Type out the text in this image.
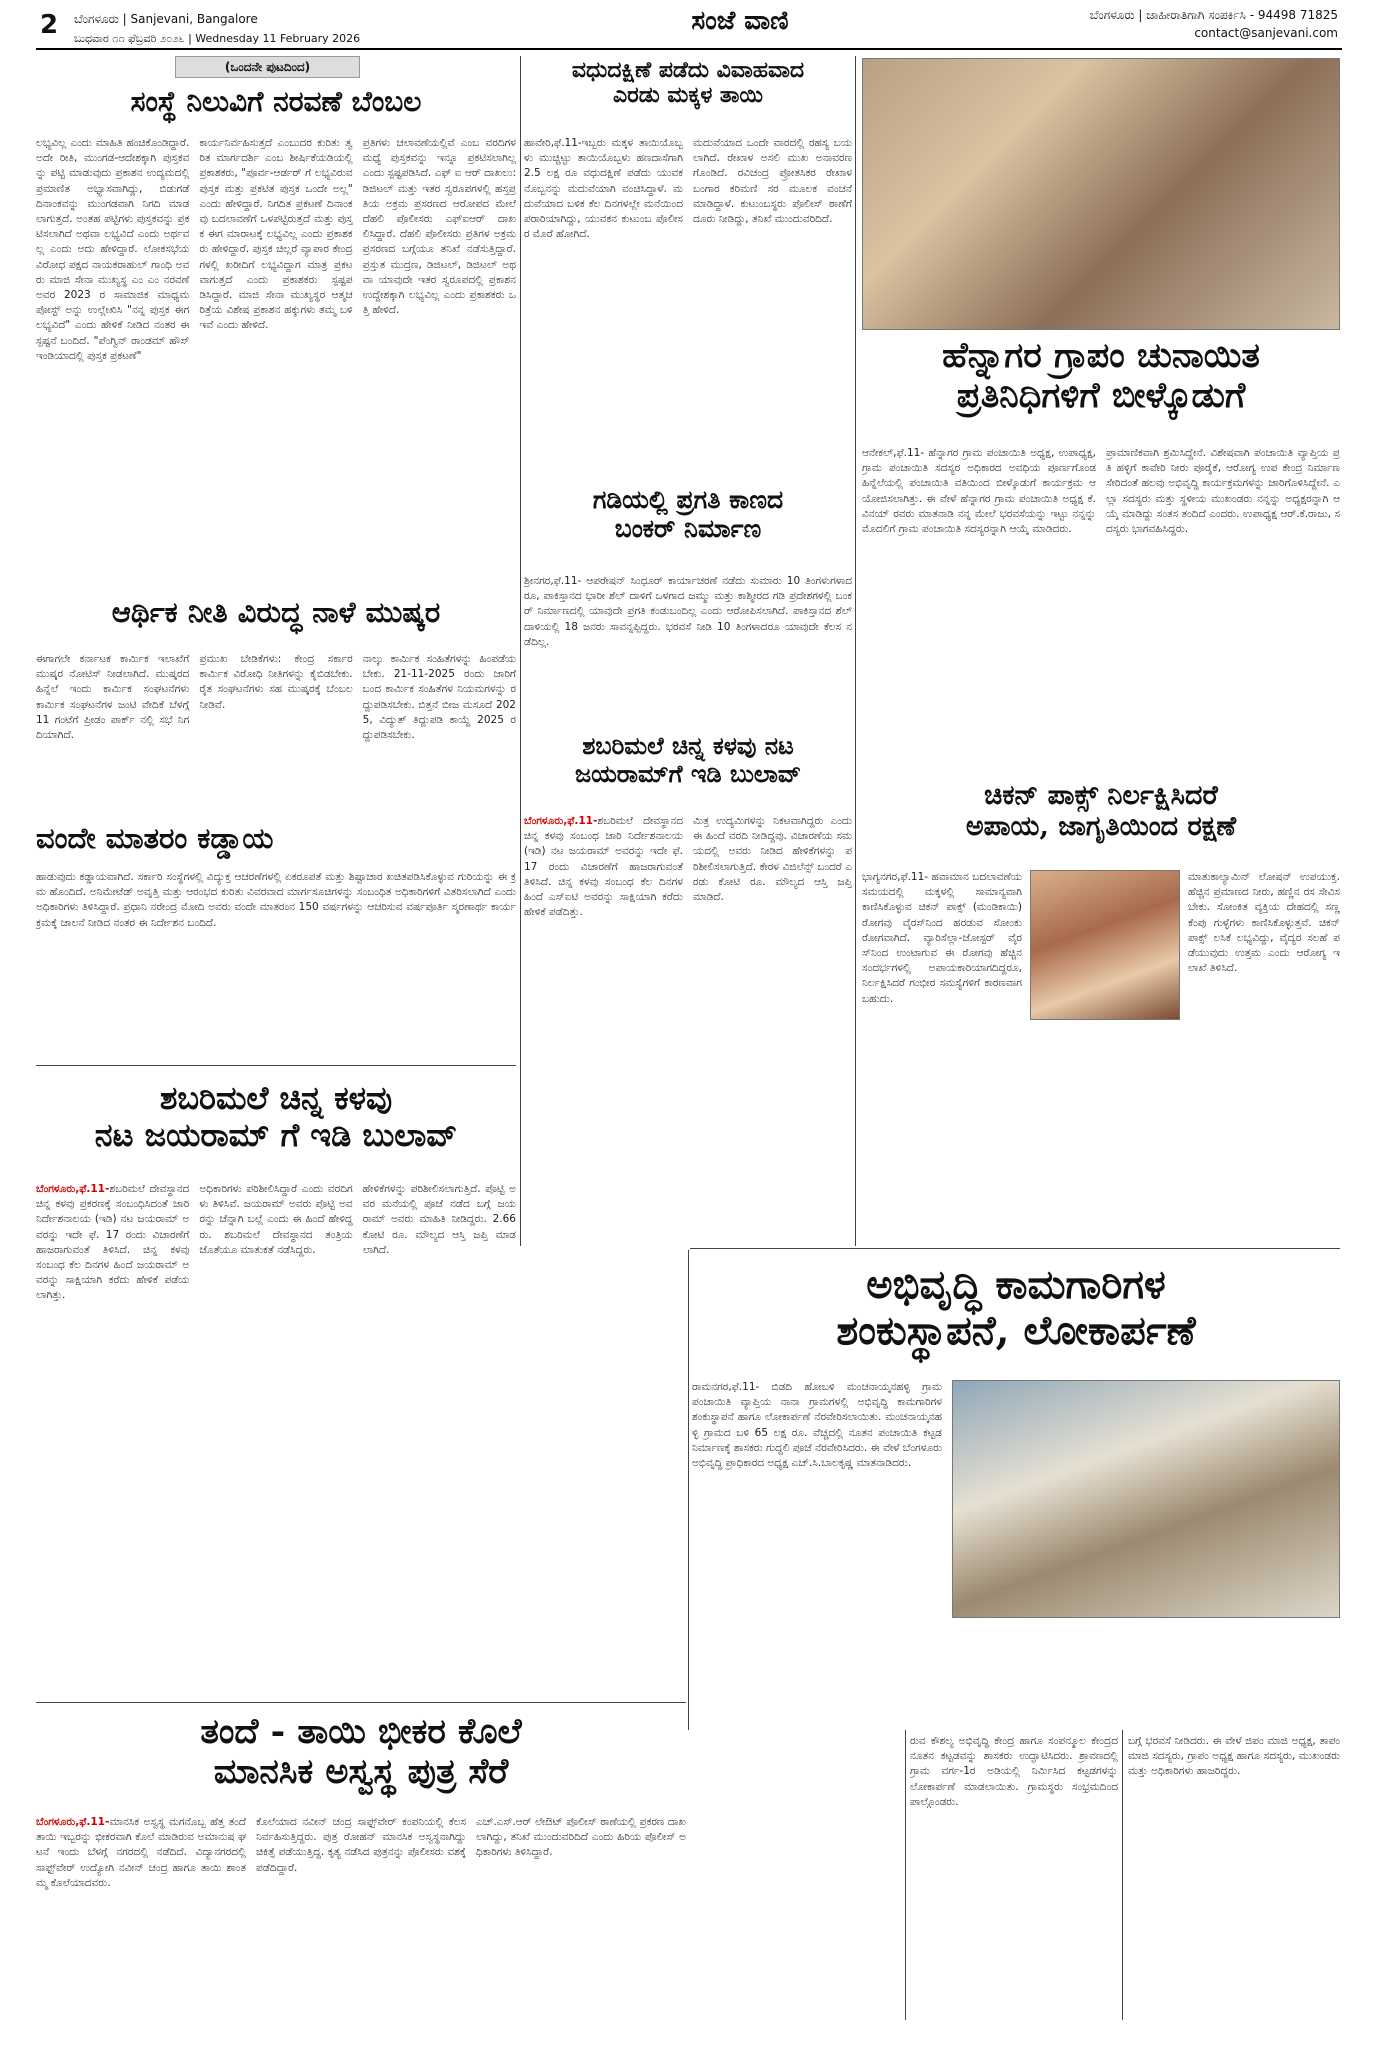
2 ಬೆಂಗಳೂರು | Sanjevani, Bangalore
ಬುಧವಾರ ೧೧ ಫೆಬ್ರವರಿ ೨೦೨೬ | Wednesday 11 February 2026
ಸಂಜೆ ವಾಣಿ	ಬೆಂಗಳೂರು | ಜಾಹೀರಾತಿಗಾಗಿ ಸಂಪರ್ಕಿಸಿ - 94498 71825
contact@sanjevani.com
(ಒಂದನೇ ಪುಟದಿಂದ)
ಸಂಸ್ಥೆ ನಿಲುವಿಗೆ ನರವಣೆ ಬೆಂಬಲ
ಲಭ್ಯವಿಲ್ಲ ಎಂದು ಮಾಹಿತಿ ಹಂಚಿಕೊಂಡಿದ್ದಾರೆ. ಅದೇ ರೀತಿ, ಮುಂಗಡ-ಆದೇಶಕ್ಕಾಗಿ ಪುಸ್ತಕವನ್ನು ಪಟ್ಟಿ ಮಾಡುವುದು ಪ್ರಕಾಶನ ಉದ್ಯಮದಲ್ಲಿ ಪ್ರಮಾಣಿತ ಅಭ್ಯಾಸವಾಗಿದ್ದು, ಬಿಡುಗಡೆ ದಿನಾಂಕವನ್ನು ಮುಂಗಡವಾಗಿ ನಿಗದಿ ಮಾಡಲಾಗುತ್ತದೆ. ಅಂತಹ ಪಟ್ಟಿಗಳು ಪುಸ್ತಕವನ್ನು ಪ್ರಕಟಿಸಲಾಗಿದೆ ಅಥವಾ ಲಭ್ಯವಿದೆ ಎಂದು ಅರ್ಥವಲ್ಲ ಎಂದು ಅದು ಹೇಳಿದ್ದಾರೆ. ಲೋಕಸಭೆಯ ವಿರೋಧ ಪಕ್ಷದ ನಾಯಕರಾಹುಲ್ ಗಾಂಧಿ ಅವರು ಮಾಜಿ ಸೇನಾ ಮುಖ್ಯಸ್ಥ ಎಂ ಎಂ ನರವಣೆ ಅವರ 2023 ರ ಸಾಮಾಜಿಕ ಮಾಧ್ಯಮ ಪೋಸ್ಟ್ ಅನ್ನು ಉಲ್ಲೇಖಿಸಿ "ನನ್ನ ಪುಸ್ತಕ ಈಗ ಲಭ್ಯವಿದೆ" ಎಂದು ಹೇಳಿಕೆ ನೀಡಿದ ನಂತರ ಈ ಸ್ಪಷ್ಟನೆ ಬಂದಿದೆ. "ಪೆಂಗ್ವಿನ್ ರಾಂಡಮ್ ಹೌಸ್ ಇಂಡಿಯಾದಲ್ಲಿ ಪುಸ್ತಕ ಪ್ರಕಟಣೆ"
ಕಾರ್ಯನಿರ್ವಹಿಸುತ್ತದೆ ಎಂಬುದರ ಕುರಿತು ತ್ವರಿತ ಮಾರ್ಗದರ್ಶಿ ಎಂಬ ಶೀರ್ಷಿಕೆಯಡಿಯಲ್ಲಿ ಪ್ರಕಾಶಕರು, "ಪೂರ್ವ-ಆರ್ಡರ್ ಗೆ ಲಭ್ಯವಿರುವ ಪುಸ್ತಕ ಮತ್ತು ಪ್ರಕಟಿತ ಪುಸ್ತಕ ಒಂದೇ ಅಲ್ಲ" ಎಂದು ಹೇಳಿದ್ದಾರೆ. ನಿಗದಿತ ಪ್ರಕಟಣೆ ದಿನಾಂಕವು ಬದಲಾವಣೆಗೆ ಒಳಪಟ್ಟಿರುತ್ತದೆ ಮತ್ತು ಪುಸ್ತಕ ಈಗ ಮಾರಾಟಕ್ಕೆ ಲಭ್ಯವಿಲ್ಲ ಎಂದು ಪ್ರಕಾಶಕರು ಹೇಳಿದ್ದಾರೆ. ಪುಸ್ತಕ ಚಿಲ್ಲರೆ ವ್ಯಾಪಾರ ಕೇಂದ್ರಗಳಲ್ಲಿ ಖರೀದಿಗೆ ಲಭ್ಯವಿದ್ದಾಗ ಮಾತ್ರ ಪ್ರಕಟವಾಗುತ್ತದೆ ಎಂದು ಪ್ರಕಾಶಕರು ಸ್ಪಷ್ಟಪಡಿಸಿದ್ದಾರೆ. ಮಾಜಿ ಸೇನಾ ಮುಖ್ಯಸ್ಥರ ಆತ್ಮಚರಿತ್ರೆಯ ವಿಶೇಷ ಪ್ರಕಾಶನ ಹಕ್ಕುಗಳು ತಮ್ಮ ಬಳಿ ಇವೆ ಎಂದು ಹೇಳಿದೆ.
ಪ್ರತಿಗಳು ಚಲಾವಣೆಯಲ್ಲಿವೆ ಎಂಬ ವರದಿಗಳ ಮಧ್ಯೆ ಪುಸ್ತಕವನ್ನು ಇನ್ನೂ ಪ್ರಕಟಿಸಲಾಗಿಲ್ಲ ಎಂದು ಸ್ಪಷ್ಟಪಡಿಸಿದೆ. ಎಫ್ ಐ ಆರ್ ದಾಖಲು: ಡಿಜಿಟಲ್ ಮತ್ತು ಇತರ ಸ್ವರೂಪಗಳಲ್ಲಿ ಹಸ್ತಪ್ರತಿಯ ಅಕ್ರಮ ಪ್ರಸರಣದ ಆರೋಪದ ಮೇಲೆ ದೆಹಲಿ ಪೊಲೀಸರು ಎಫ್‌ಐಆರ್ ದಾಖಲಿಸಿದ್ದಾರೆ. ದೆಹಲಿ ಪೊಲೀಸರು ಪ್ರತಿಗಳ ಅಕ್ರಮ ಪ್ರಸರಣದ ಬಗ್ಗೆಯೂ ತನಿಖೆ ನಡೆಸುತ್ತಿದ್ದಾರೆ. ಪ್ರಸ್ತುತ ಮುದ್ರಣ, ಡಿಜಿಟಲ್, ಡಿಜಿಟಲ್ ಅಥವಾ ಯಾವುದೇ ಇತರ ಸ್ವರೂಪದಲ್ಲಿ ಪ್ರಕಾಶನ ಉದ್ದೇಶಕ್ಕಾಗಿ ಲಭ್ಯವಿಲ್ಲ ಎಂದು ಪ್ರಕಾಶಕರು ಒತ್ತಿ ಹೇಳಿದೆ.
ಆರ್ಥಿಕ ನೀತಿ ವಿರುದ್ಧ ನಾಳೆ ಮುಷ್ಕರ
ಈಗಾಗಲೇ ಕರ್ನಾಟಕ ಕಾರ್ಮಿಕ ಇಲಾಖೆಗೆ ಮುಷ್ಕರ ನೋಟಿಸ್ ನೀಡಲಾಗಿದೆ. ಮುಷ್ಕರದ ಹಿನ್ನೆಲೆ ಇಂದು ಕಾರ್ಮಿಕ ಸಂಘಟನೆಗಳು ಕಾರ್ಮಿಕ ಸಂಘಟನೆಗಳ ಜಂಟಿ ವೇದಿಕೆ ಬೆಳಗ್ಗೆ 11 ಗಂಟೆಗೆ ಪ್ರೀಡಂ ಪಾರ್ಕ್ ನಲ್ಲಿ ಸಭೆ ನಿಗದಿಯಾಗಿದೆ.
ಪ್ರಮುಖ ಬೇಡಿಕೆಗಳು: ಕೇಂದ್ರ ಸರ್ಕಾರ ಕಾರ್ಮಿಕ ವಿರೋಧಿ ನೀತಿಗಳನ್ನು ಕೈಬಿಡಬೇಕು. ರೈತ ಸಂಘಟನೆಗಳು ಸಹ ಮುಷ್ಕರಕ್ಕೆ ಬೆಂಬಲ ನೀಡಿವೆ.
ನಾಲ್ಕು ಕಾರ್ಮಿಕ ಸಂಹಿತೆಗಳನ್ನು ಹಿಂಪಡೆಯಬೇಕು. 21-11-2025 ರಂದು ಜಾರಿಗೆ ಬಂದ ಕಾರ್ಮಿಕ ಸಂಹಿತೆಗಳ ನಿಯಮಗಳನ್ನು ರದ್ದುಪಡಿಸಬೇಕು. ಬಿತ್ತನೆ ಬೀಜ ಮಸೂದೆ 2025, ವಿದ್ಯುತ್ ತಿದ್ದುಪಡಿ ಕಾಯ್ದೆ 2025 ರದ್ದುಪಡಿಸಬೇಕು.
ವಂದೇ ಮಾತರಂ ಕಡ್ಡಾಯ
ಹಾಡುವುದು ಕಡ್ಡಾಯವಾಗಿದೆ. ಸರ್ಕಾರಿ ಸಂಸ್ಥೆಗಳಲ್ಲಿ ವಿದ್ಯುಕ್ತ ಆಚರಣೆಗಳಲ್ಲಿ ಏಕರೂಪತೆ ಮತ್ತು ಶಿಷ್ಟಾಚಾರ ಖಚಿತಪಡಿಸಿಕೊಳ್ಳುವ ಗುರಿಯನ್ನು ಈ ಕ್ರಮ ಹೊಂದಿದೆ. ಅನಿಮೇಟೆಡ್ ಅವೃತ್ತಿ ಮತ್ತು ಆರಂಭದ ಕುರಿತು ವಿವರವಾದ ಮಾರ್ಗಸೂಚಿಗಳನ್ನು ಸಂಬಂಧಿತ ಅಧಿಕಾರಿಗಳಿಗೆ ವಿತರಿಸಲಾಗಿದೆ ಎಂದು ಅಧಿಕಾರಿಗಳು ತಿಳಿಸಿದ್ದಾರೆ. ಪ್ರಧಾನಿ ನರೇಂದ್ರ ಮೋದಿ ಅವರು ವಂದೇ ಮಾತರಂನ 150 ವರ್ಷಗಳನ್ನು ಆಚರಿಸುವ ವರ್ಷಪೂರ್ತಿ ಸ್ಮರಣಾರ್ಥ ಕಾರ್ಯಕ್ರಮಕ್ಕೆ ಚಾಲನೆ ನೀಡಿದ ನಂತರ ಈ ನಿರ್ದೇಶನ ಬಂದಿದೆ.
ಶಬರಿಮಲೆ ಚಿನ್ನ ಕಳವು
ನಟ ಜಯರಾಮ್ ಗೆ ಇಡಿ ಬುಲಾವ್
ಬೆಂಗಳೂರು,ಫೆ.11-ಶಬರಿಮಲೆ ದೇವಸ್ಥಾನದ ಚಿನ್ನ ಕಳವು ಪ್ರಕರಣಕ್ಕೆ ಸಂಬಂಧಿಸಿದಂತೆ ಜಾರಿ ನಿರ್ದೇಶನಾಲಯ (ಇಡಿ) ನಟ ಜಯರಾಮ್ ಅವರನ್ನು ಇದೇ ಫೆ. 17 ರಂದು ವಿಚಾರಣೆಗೆ ಹಾಜರಾಗುವಂತೆ ತಿಳಿಸಿದೆ. ಚಿನ್ನ ಕಳವು ಸಂಬಂಧ ಕೆಲ ದಿನಗಳ ಹಿಂದೆ ಜಯರಾಮ್ ಅವರನ್ನು ಸಾಕ್ಷಿಯಾಗಿ ಕರೆದು ಹೇಳಿಕೆ ಪಡೆಯಲಾಗಿತ್ತು.
ಅಧಿಕಾರಿಗಳು ಪರಿಶೀಲಿಸಿದ್ದಾರೆ ಎಂದು ವರದಿಗಳು ತಿಳಿಸಿವೆ. ಜಯರಾಮ್ ಅವರು ಪೊಟ್ಟಿ ಅವರನ್ನು ಚೆನ್ನಾಗಿ ಬಲ್ಲೆ ಎಂದು ಈ ಹಿಂದೆ ಹೇಳಿದ್ದರು. ಶಬರಿಮಲೆ ದೇವಸ್ಥಾನದ ತಂತ್ರಿಯ ಜೊತೆಯೂ ಮಾತುಕತೆ ನಡೆಸಿದ್ದರು.
ಹೇಳಿಕೆಗಳನ್ನು ಪರಿಶೀಲಿಸಲಾಗುತ್ತಿದೆ. ಪೊಟ್ಟಿ ಅವರ ಮನೆಯಲ್ಲಿ ಪೂಜೆ ನಡೆದ ಬಗ್ಗೆ ಜಯರಾಮ್ ಅವರು ಮಾಹಿತಿ ನೀಡಿದ್ದರು. 2.66 ಕೋಟಿ ರೂ. ಮೌಲ್ಯದ ಆಸ್ತಿ ಜಪ್ತಿ ಮಾಡಲಾಗಿದೆ.
ವಧುದಕ್ಷಿಣೆ ಪಡೆದು ವಿವಾಹವಾದ
ಎರಡು ಮಕ್ಕಳ ತಾಯಿ
ಹಾವೇರಿ,ಫೆ.11-ಇಬ್ಬರು ಮಕ್ಕಳ ತಾಯಿಯೊಬ್ಬಳು ಮುಚ್ಚಿಟ್ಟು ತಾಯಿಯೊಬ್ಬಳು ಹಣದಾಸೆಗಾಗಿ 2.5 ಲಕ್ಷ ರೂ ವಧುದಕ್ಷಿಣೆ ಪಡೆದು ಯುವಕನೊಬ್ಬನನ್ನು ಮದುವೆಯಾಗಿ ವಂಚಿಸಿದ್ದಾಳೆ. ಮದುವೆಯಾದ ಬಳಿಕ ಕೆಲ ದಿನಗಳಲ್ಲೇ ಮನೆಯಿಂದ ಪರಾರಿಯಾಗಿದ್ದು, ಯುವಕನ ಕುಟುಂಬ ಪೊಲೀಸರ ಮೊರೆ ಹೋಗಿದೆ.
ಮದುವೆಯಾದ ಒಂದೇ ವಾರದಲ್ಲಿ ರಹಸ್ಯ ಬಯಲಾಗಿದೆ. ರೇಖಾಳ ಅಸಲಿ ಮುಖ ಅನಾವರಣಗೊಂಡಿದೆ. ರವಿಚಂದ್ರ ಪ್ರೋತಸಿಕರ ರೇಖಾಳ ಬಂಗಾರ ಕರಿಮಣಿ ಸರ ಮೂಲಕ ವಂಚನೆ ಮಾಡಿದ್ದಾಳೆ. ಕುಟುಂಬಸ್ಥರು ಪೊಲೀಸ್ ಠಾಣೆಗೆ ದೂರು ನೀಡಿದ್ದು, ತನಿಖೆ ಮುಂದುವರಿದಿದೆ.
ಗಡಿಯಲ್ಲಿ ಪ್ರಗತಿ ಕಾಣದ
ಬಂಕರ್ ನಿರ್ಮಾಣ
ಶ್ರೀನಗರ,ಫೆ.11- ಆಪರೇಷನ್ ಸಿಂಧೂರ್ ಕಾರ್ಯಾಚರಣೆ ನಡೆದು ಸುಮಾರು 10 ತಿಂಗಳುಗಳಾದರೂ, ಪಾಕಿಸ್ತಾನದ ಭಾರೀ ಶೆಲ್ ದಾಳಿಗೆ ಒಳಗಾದ ಜಮ್ಮು ಮತ್ತು ಕಾಶ್ಮೀರದ ಗಡಿ ಪ್ರದೇಶಗಳಲ್ಲಿ ಬಂಕರ್ ನಿರ್ಮಾಣದಲ್ಲಿ ಯಾವುದೇ ಪ್ರಗತಿ ಕಂಡುಬಂದಿಲ್ಲ ಎಂದು ಆರೋಪಿಸಲಾಗಿದೆ. ಪಾಕಿಸ್ತಾನದ ಶೆಲ್ ದಾಳಿಯಲ್ಲಿ 18 ಜನರು ಸಾವನ್ನಪ್ಪಿದ್ದರು. ಭರವಸೆ ನೀಡಿ 10 ತಿಂಗಳಾದರೂ ಯಾವುದೇ ಕೆಲಸ ನಡೆದಿಲ್ಲ.
ಶಬರಿಮಲೆ ಚಿನ್ನ ಕಳವು ನಟ
ಜಯರಾಮ್‌ಗೆ ಇಡಿ ಬುಲಾವ್
ಬೆಂಗಳೂರು,ಫೆ.11-ಶಬರಿಮಲೆ ದೇವಸ್ಥಾನದ ಚಿನ್ನ ಕಳವು ಸಂಬಂಧ ಜಾರಿ ನಿರ್ದೇಶನಾಲಯ (ಇಡಿ) ನಟ ಜಯರಾಮ್ ಅವರನ್ನು ಇದೇ ಫೆ. 17 ರಂದು ವಿಚಾರಣೆಗೆ ಹಾಜರಾಗುವಂತೆ ತಿಳಿಸಿದೆ. ಚಿನ್ನ ಕಳವು ಸಂಬಂಧ ಕೆಲ ದಿನಗಳ ಹಿಂದೆ ಎಸ್‌ಐಟಿ ಅವರನ್ನು ಸಾಕ್ಷಿಯಾಗಿ ಕರೆದು ಹೇಳಿಕೆ ಪಡೆದಿತ್ತು.
ಮಿತ್ರ ಉದ್ಯಮಿಗಳನ್ನು ನಿಕಟವಾಗಿದ್ದರು ಎಂದು ಈ ಹಿಂದೆ ವರದಿ ನೀಡಿದ್ದವು. ವಿಚಾರಣೆಯ ಸಮಯದಲ್ಲಿ ಅವರು ನೀಡಿದ ಹೇಳಿಕೆಗಳನ್ನು ಪರಿಶೀಲಿಸಲಾಗುತ್ತಿದೆ. ಕೇರಳ ವಿಜಿಲೆನ್ಸ್ ಬಂದರೆ ಎರಡು ಕೋಟಿ ರೂ. ಮೌಲ್ಯದ ಆಸ್ತಿ ಜಪ್ತಿ ಮಾಡಿದೆ.
ಹೆನ್ನಾಗರ ಗ್ರಾಪಂ ಚುನಾಯಿತ
ಪ್ರತಿನಿಧಿಗಳಿಗೆ ಬೀಳ್ಕೊಡುಗೆ
ಆನೇಕಲ್,ಫೆ.11- ಹೆನ್ನಾಗರ ಗ್ರಾಮ ಪಂಚಾಯಿತಿ ಅಧ್ಯಕ್ಷ, ಉಪಾಧ್ಯಕ್ಷ, ಗ್ರಾಮ ಪಂಚಾಯಿತಿ ಸದಸ್ಯರ ಅಧಿಕಾರದ ಅವಧಿಯ ಪೂರ್ಣಗೊಂಡ ಹಿನ್ನೆಲೆಯಲ್ಲಿ ಪಂಚಾಯಿತಿ ವತಿಯಿಂದ ಬೀಳ್ಕೊಡುಗೆ ಕಾರ್ಯಕ್ರಮ ಆಯೋಜಿಸಲಾಗಿತ್ತು. ಈ ವೇಳೆ ಹೆನ್ನಾಗರ ಗ್ರಾಮ ಪಂಚಾಯಿತಿ ಅಧ್ಯಕ್ಷ ಕೆ.ವಿನಯ್ ರವರು ಮಾತನಾಡಿ ನನ್ನ ಮೇಲೆ ಭರವಸೆಯನ್ನು ಇಟ್ಟು ನನ್ನನ್ನು ಮೊದಲಿಗೆ ಗ್ರಾಮ ಪಂಚಾಯಿತಿ ಸದಸ್ಯರನ್ನಾಗಿ ಆಯ್ಕೆ ಮಾಡಿದರು.
ಪ್ರಾಮಾಣಿಕವಾಗಿ ಶ್ರಮಿಸಿದ್ದೇನೆ. ವಿಶೇಷವಾಗಿ ಪಂಚಾಯಿತಿ ವ್ಯಾಪ್ತಿಯ ಪ್ರತಿ ಹಳ್ಳಿಗೆ ಕಾವೇರಿ ನೀರು ಪೂರೈಕೆ, ಆರೋಗ್ಯ ಉಪ ಕೇಂದ್ರ ನಿರ್ಮಾಣ ಸೇರಿದಂತೆ ಹಲವು ಅಭಿವೃದ್ಧಿ ಕಾರ್ಯಕ್ರಮಗಳನ್ನು ಜಾರಿಗೊಳಿಸಿದ್ದೇನೆ. ಎಲ್ಲಾ ಸದಸ್ಯರು ಮತ್ತು ಸ್ಥಳೀಯ ಮುಖಂಡರು ನನ್ನನ್ನು ಅಧ್ಯಕ್ಷರನ್ನಾಗಿ ಆಯ್ಕೆ ಮಾಡಿದ್ದು ಸಂತಸ ತಂದಿದೆ ಎಂದರು. ಉಪಾಧ್ಯಕ್ಷ ಆರ್.ಕೆ.ರಾಜು, ಸದಸ್ಯರು ಭಾಗವಹಿಸಿದ್ದರು.
ಚಿಕನ್ ಪಾಕ್ಸ್ ನಿರ್ಲಕ್ಷಿಸಿದರೆ
ಅಪಾಯ, ಜಾಗೃತಿಯಿಂದ ರಕ್ಷಣೆ
ಭಾಗ್ಯನಗರ,ಫೆ.11- ಹವಾಮಾನ ಬದಲಾವಣೆಯ ಸಮಯದಲ್ಲಿ ಮಕ್ಕಳಲ್ಲಿ ಸಾಮಾನ್ಯವಾಗಿ ಕಾಣಿಸಿಕೊಳ್ಳುವ ಚಿಕನ್ ಪಾಕ್ಸ್ (ಮಂಡಿಕಾಯಿ) ರೋಗವು ವೈರಸ್‌ನಿಂದ ಹರಡುವ ಸೋಂಕು ರೋಗವಾಗಿದೆ. ವ್ಯಾರಿಸೆಲ್ಲಾ-ಜೋಸ್ಟರ್ ವೈರಸ್‌ನಿಂದ ಉಂಟಾಗುವ ಈ ರೋಗವು ಹೆಚ್ಚಿನ ಸಂದರ್ಭಗಳಲ್ಲಿ ಅಪಾಯಕಾರಿಯಾಗದಿದ್ದರೂ, ನಿರ್ಲಕ್ಷಿಸಿದರೆ ಗಂಭೀರ ಸಮಸ್ಯೆಗಳಿಗೆ ಕಾರಣವಾಗಬಹುದು.
ಮಾತುಕಾಲ್ಯಾಮಿನ್ ಲೋಷನ್ ಉಪಯುಕ್ತ. ಹೆಚ್ಚಿನ ಪ್ರಮಾಣದ ನೀರು, ಹಣ್ಣಿನ ರಸ ಸೇವಿಸಬೇಕು. ಸೋಂಕಿತ ವ್ಯಕ್ತಿಯ ದೇಹದಲ್ಲಿ ಸಣ್ಣ ಕೆಂಪು ಗುಳ್ಳೆಗಳು ಕಾಣಿಸಿಕೊಳ್ಳುತ್ತವೆ. ಚಿಕನ್ ಪಾಕ್ಸ್ ಲಸಿಕೆ ಲಭ್ಯವಿದ್ದು, ವೈದ್ಯರ ಸಲಹೆ ಪಡೆಯುವುದು ಉತ್ತಮ ಎಂದು ಆರೋಗ್ಯ ಇಲಾಖೆ ತಿಳಿಸಿದೆ.
ಅಭಿವೃದ್ಧಿ ಕಾಮಗಾರಿಗಳ
ಶಂಕುಸ್ಥಾಪನೆ, ಲೋಕಾರ್ಪಣೆ
ರಾಮನಗರ,ಫೆ.11- ಬಿಡದಿ ಹೋಬಳಿ ಮಂಚನಾಯ್ಕನಹಳ್ಳಿ ಗ್ರಾಮ ಪಂಚಾಯಿತಿ ವ್ಯಾಪ್ತಿಯ ನಾನಾ ಗ್ರಾಮಗಳಲ್ಲಿ ಅಭಿವೃದ್ಧಿ ಕಾಮಗಾರಿಗಳ ಶಂಕುಸ್ಥಾಪನೆ ಹಾಗೂ ಲೋಕಾರ್ಪಣೆ ನೆರವೇರಿಸಲಾಯಿತು. ಮಂಚನಾಯ್ಕನಹಳ್ಳಿ ಗ್ರಾಮದ ಬಳಿ 65 ಲಕ್ಷ ರೂ. ವೆಚ್ಚದಲ್ಲಿ ನೂತನ ಪಂಚಾಯಿತಿ ಕಟ್ಟಡ ನಿರ್ಮಾಣಕ್ಕೆ ಶಾಸಕರು ಗುದ್ದಲಿ ಪೂಜೆ ನೆರವೇರಿಸಿದರು. ಈ ವೇಳೆ ಬೆಂಗಳೂರು ಅಭಿವೃದ್ಧಿ ಪ್ರಾಧಿಕಾರದ ಅಧ್ಯಕ್ಷ ಎಚ್.ಸಿ.ಬಾಲಕೃಷ್ಣ ಮಾತನಾಡಿದರು.
ರುವ ಕೌಶಲ್ಯ ಅಭಿವೃದ್ಧಿ ಕೇಂದ್ರ ಹಾಗೂ ಸಂಪನ್ಮೂಲ ಕೇಂದ್ರದ ನೂತನ ಕಟ್ಟಡವನ್ನು ಶಾಸಕರು ಉದ್ಘಾಟಿಸಿದರು. ಶ್ರಾವಣದಲ್ಲಿ ಗ್ರಾಮ ವರ್ಗ-1ರ ಅಡಿಯಲ್ಲಿ ನಿರ್ಮಿಸಿದ ಕಟ್ಟಡಗಳನ್ನು ಲೋಕಾರ್ಪಣೆ ಮಾಡಲಾಯಿತು. ಗ್ರಾಮಸ್ಥರು ಸಂಭ್ರಮದಿಂದ ಪಾಲ್ಗೊಂಡರು.
ಬಗ್ಗೆ ಭರವಸೆ ನೀಡಿದರು. ಈ ವೇಳೆ ಜಿಪಂ ಮಾಜಿ ಅಧ್ಯಕ್ಷ, ತಾಪಂ ಮಾಜಿ ಸದಸ್ಯರು, ಗ್ರಾಪಂ ಅಧ್ಯಕ್ಷ ಹಾಗೂ ಸದಸ್ಯರು, ಮುಖಂಡರು ಮತ್ತು ಅಧಿಕಾರಿಗಳು ಹಾಜರಿದ್ದರು.
ತಂದೆ - ತಾಯಿ ಭೀಕರ ಕೊಲೆ
ಮಾನಸಿಕ ಅಸ್ವಸ್ಥ ಪುತ್ರ ಸೆರೆ
ಬೆಂಗಳೂರು,ಫೆ.11-ಮಾನಸಿಕ ಅಸ್ವಸ್ಥ ಮಗನೊಬ್ಬ ಹೆತ್ತ ತಂದೆ ತಾಯಿ ಇಬ್ಬರನ್ನು ಭೀಕರವಾಗಿ ಕೊಲೆ ಮಾಡಿರುವ ಅಮಾನುಷ ಘಟನೆ ಇಂದು ಬೆಳಗ್ಗೆ ನಗರದಲ್ಲಿ ನಡೆದಿದೆ. ವಿದ್ಯಾನಗರದಲ್ಲಿ ಸಾಫ್ಟ್‌ವೇರ್ ಉದ್ಯೋಗಿ ನವೀನ್ ಚಂದ್ರ ಹಾಗೂ ತಾಯಿ ಶಾಂತಮ್ಮ ಕೊಲೆಯಾದವರು.
ಕೊಲೆಯಾದ ನವೀನ್ ಚಂದ್ರ ಸಾಫ್ಟ್‌ವೇರ್ ಕಂಪನಿಯಲ್ಲಿ ಕೆಲಸ ನಿರ್ವಹಿಸುತ್ತಿದ್ದರು. ಪುತ್ರ ರೋಹನ್ ಮಾನಸಿಕ ಅಸ್ವಸ್ಥನಾಗಿದ್ದು ಚಿಕಿತ್ಸೆ ಪಡೆಯುತ್ತಿದ್ದ. ಕೃತ್ಯ ನಡೆಸಿದ ಪುತ್ರನನ್ನು ಪೊಲೀಸರು ವಶಕ್ಕೆ ಪಡೆದಿದ್ದಾರೆ.
ಎಚ್.ಎಸ್.ಆರ್ ಲೇಔಟ್ ಪೊಲೀಸ್ ಠಾಣೆಯಲ್ಲಿ ಪ್ರಕರಣ ದಾಖಲಾಗಿದ್ದು, ತನಿಖೆ ಮುಂದುವರಿದಿದೆ ಎಂದು ಹಿರಿಯ ಪೊಲೀಸ್ ಅಧಿಕಾರಿಗಳು ತಿಳಿಸಿದ್ದಾರೆ.
